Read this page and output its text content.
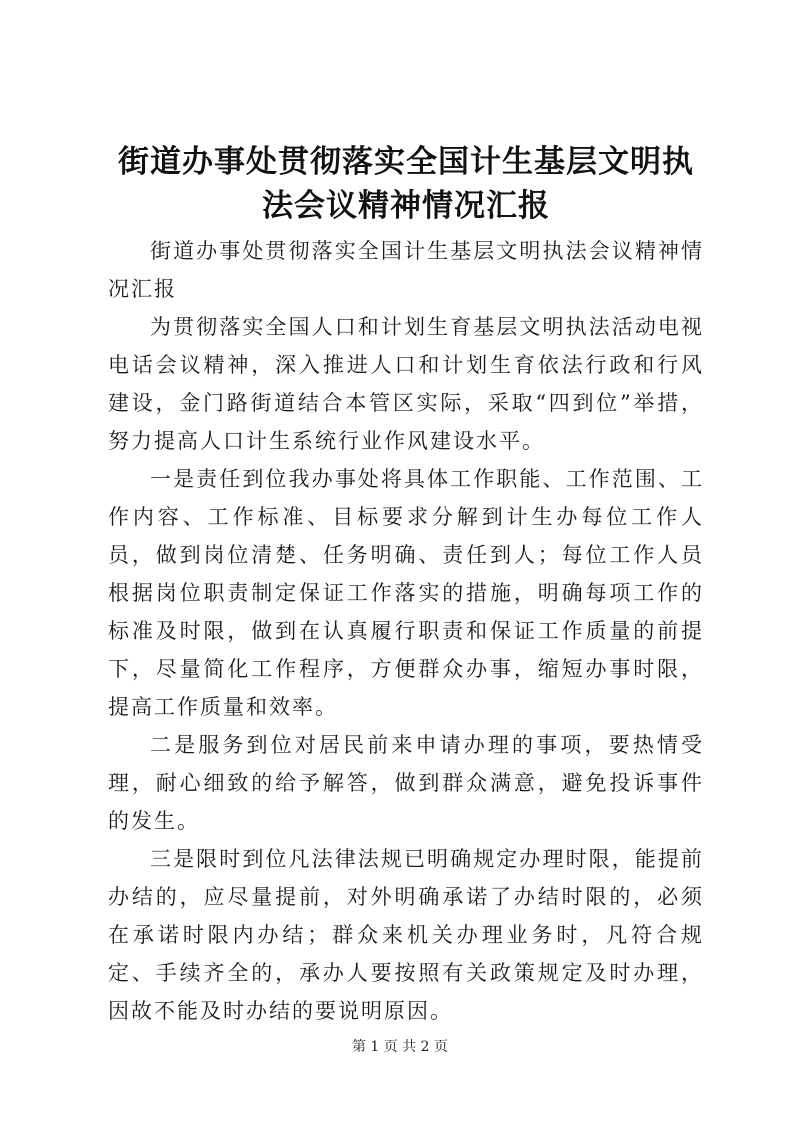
街道办事处贯彻落实全国计生基层文明执法会议精神情况汇报

街道办事处贯彻落实全国计生基层文明执法会议精神情况汇报

为贯彻落实全国人口和计划生育基层文明执法活动电视电话会议精神，深入推进人口和计划生育依法行政和行风建设，金门路街道结合本管区实际，采取“四到位”举措，努力提高人口计生系统行业作风建设水平。

一是责任到位我办事处将具体工作职能、工作范围、工作内容、工作标准、目标要求分解到计生办每位工作人员，做到岗位清楚、任务明确、责任到人；每位工作人员根据岗位职责制定保证工作落实的措施，明确每项工作的标准及时限，做到在认真履行职责和保证工作质量的前提下，尽量简化工作程序，方便群众办事，缩短办事时限，提高工作质量和效率。

二是服务到位对居民前来申请办理的事项，要热情受理，耐心细致的给予解答，做到群众满意，避免投诉事件的发生。

三是限时到位凡法律法规已明确规定办理时限，能提前办结的，应尽量提前，对外明确承诺了办结时限的，必须在承诺时限内办结；群众来机关办理业务时，凡符合规定、手续齐全的，承办人要按照有关政策规定及时办理，因故不能及时办结的要说明原因。

第 1 页 共 2 页
